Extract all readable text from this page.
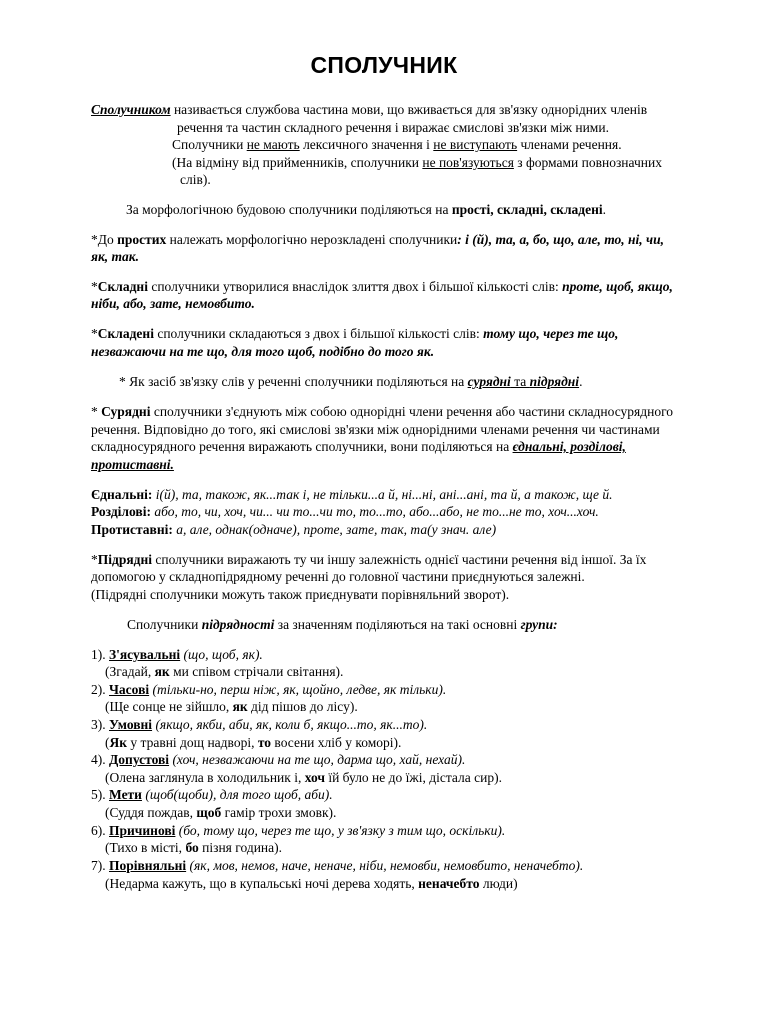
СПОЛУЧНИК
Сполучником називається службова частина мови, що вживається для зв'язку однорідних членів
речення та частин складного речення і виражає смислові зв'язки між ними.
Сполучники не мають лексичного значення і не виступають членами речення.
(На відміну від прийменників, сполучники не пов'язуються з формами повнозначних
слів).
За морфологічною будовою сполучники поділяються на прості, складні, складені.
*До простих належать морфологічно нерозкладені сполучники: і (й), та, а, бо, що, але, то, ні, чи,
як, так.
*Складні сполучники утворилися внаслідок злиття двох і більшої кількості слів: проте, щоб, якщо,
ніби, або, зате, немовбито.
*Складені сполучники складаються з двох і більшої кількості слів: тому що, через те що,
незважаючи на те що, для того щоб, подібно до того як.
* Як засіб зв'язку слів у реченні сполучники поділяються на сурядні та підрядні.
* Сурядні сполучники з'єднують між собою однорідні члени речення або частини складносурядного
речення. Відповідно до того, які смислові зв'язки між однорідними членами речення чи частинами
складносурядного речення виражають сполучники, вони поділяються на єднальні, розділові,
протиставні.
Єднальні: і(й), та, також, як...так і, не тільки...а й, ні...ні, ані...ані, та й, а також, ще й.
Розділові: або, то, чи, хоч, чи... чи то...чи то, то...то, або...або, не то...не то, хоч...хоч.
Протиставні: а, але, однак(одначе), проте, зате, так, та(у знач. але)
*Підрядні сполучники виражають ту чи іншу залежність однієї частини речення від іншої. За їх
допомогою у складнопідрядному реченні до головної частини приєднуються залежні.
(Підрядні сполучники можуть також приєднувати порівняльний зворот).
Сполучники підрядності за значенням поділяються на такі основні групи:
1). З'ясувальні (що, щоб, як).
(Згадай, як ми співом стрічали світання).
2). Часові (тільки-но, перш ніж, як, щойно, ледве, як тільки).
(Ще сонце не зійшло, як дід пішов до лісу).
3). Умовні (якщо, якби, аби, як, коли б, якщо...то, як...то).
(Як у травні дощ надворі, то восени хліб у коморі).
4). Допустові (хоч, незважаючи на те що, дарма що, хай, нехай).
(Олена заглянула в холодильник і, хоч їй було не до їжі, дістала сир).
5). Мети (щоб(щоби), для того щоб, аби).
(Суддя пождав, щоб гамір трохи змовк).
6). Причинові (бо, тому що, через те що, у зв'язку з тим що, оскільки).
(Тихо в місті, бо пізня година).
7). Порівняльні (як, мов, немов, наче, неначе, ніби, немовби, немовбито, неначебто).
(Недарма кажуть, що в купальські ночі дерева ходять, неначебто люди)
